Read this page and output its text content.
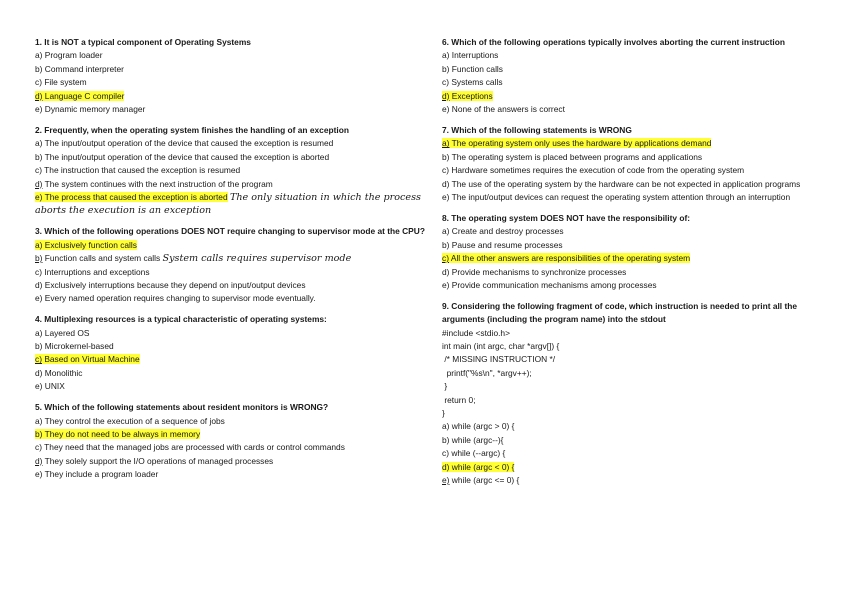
1. It is NOT a typical component of Operating Systems
a) Program loader
b) Command interpreter
c) File system
d) Language C compiler
e) Dynamic memory manager
2. Frequently, when the operating system finishes the handling of an exception
a) The input/output operation of the device that caused the exception is resumed
b) The input/output operation of the device that caused the exception is aborted
c) The instruction that caused the exception is resumed
d) The system continues with the next instruction of the program
e) The process that caused the exception is aborted The only situation in which the process aborts the execution is an exception
3. Which of the following operations DOES NOT require changing to supervisor mode at the CPU?
a) Exclusively function calls
b) Function calls and system calls System calls requires supervisor mode
c) Interruptions and exceptions
d) Exclusively interruptions because they depend on input/output devices
e) Every named operation requires changing to supervisor mode eventually.
4. Multiplexing resources is a typical characteristic of operating systems:
a) Layered OS
b) Microkernel-based
c) Based on Virtual Machine
d) Monolithic
e) UNIX
5. Which of the following statements about resident monitors is WRONG?
a) They control the execution of a sequence of jobs
b) They do not need to be always in memory
c) They need that the managed jobs are processed with cards or control commands
d) They solely support the I/O operations of managed processes
e) They include a program loader
6. Which of the following operations typically involves aborting the current instruction
a) Interruptions
b) Function calls
c) Systems calls
d) Exceptions
e) None of the answers is correct
7. Which of the following statements is WRONG
a) The operating system only uses the hardware by applications demand
b) The operating system is placed between programs and applications
c) Hardware sometimes requires the execution of code from the operating system
d) The use of the operating system by the hardware can be not expected in application programs
e) The input/output devices can request the operating system attention through an interruption
8. The operating system DOES NOT have the responsibility of:
a) Create and destroy processes
b) Pause and resume processes
c) All the other answers are responsibilities of the operating system
d) Provide mechanisms to synchronize processes
e) Provide communication mechanisms among processes
9. Considering the following fragment of code, which instruction is needed to print all the arguments (including the program name) into the stdout
#include <stdio.h>
int main (int argc, char *argv[]) {
/* MISSING INSTRUCTION */
printf("%s\n", *argv++);
}
return 0;
}
a) while (argc > 0) {
b) while (argc--){
c) while (--argc) {
d) while (argc < 0) {
e) while (argc <= 0) {
